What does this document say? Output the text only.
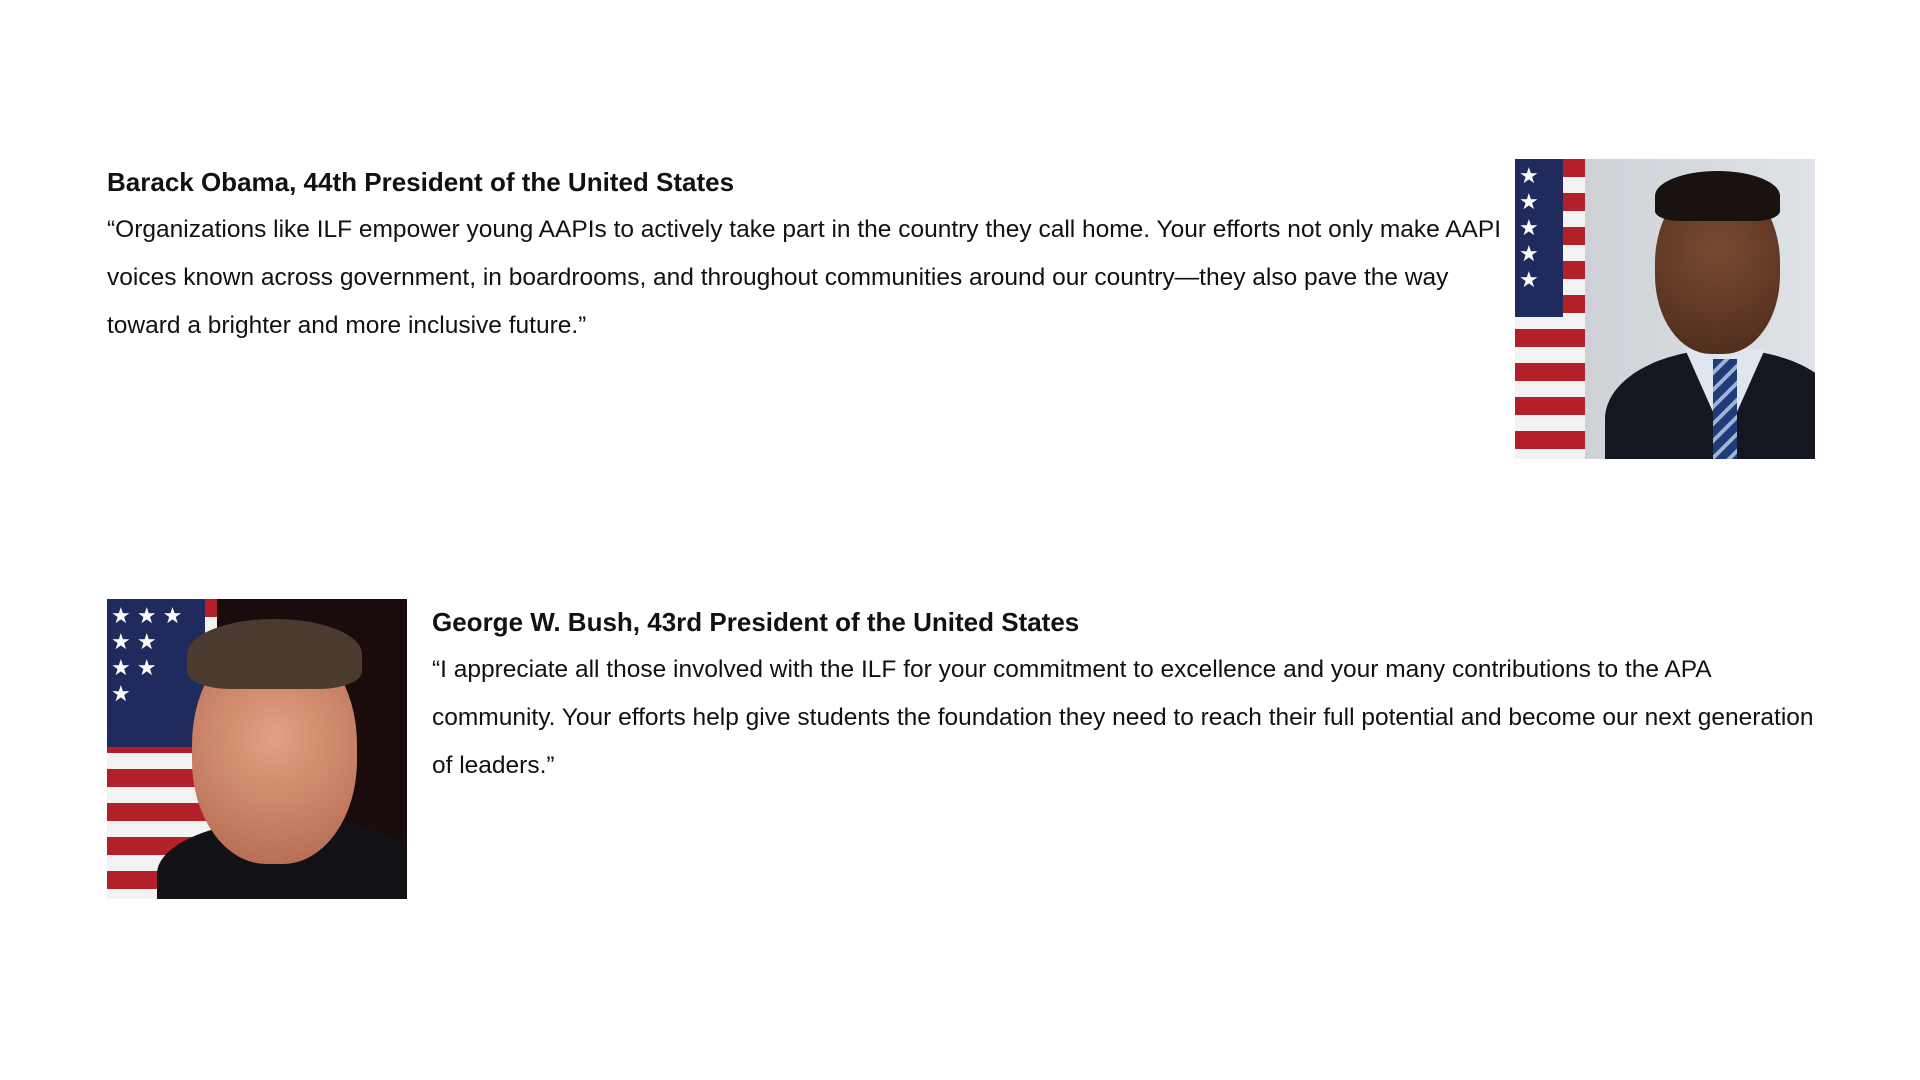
Barack Obama, 44th President of the United States

“Organizations like ILF empower young AAPIs to actively take part in the country they call home. Your efforts not only make AAPI voices known across government, in boardrooms, and throughout communities around our country—they also pave the way toward a brighter and more inclusive future.”

★
★
★
★
★
★ ★ ★
★ ★
★ ★
★

George W. Bush, 43rd President of the United States

“I appreciate all those involved with the ILF for your commitment to excellence and your many contributions to the APA community. Your efforts help give students the foundation they need to reach their full potential and become our next generation of leaders.”
